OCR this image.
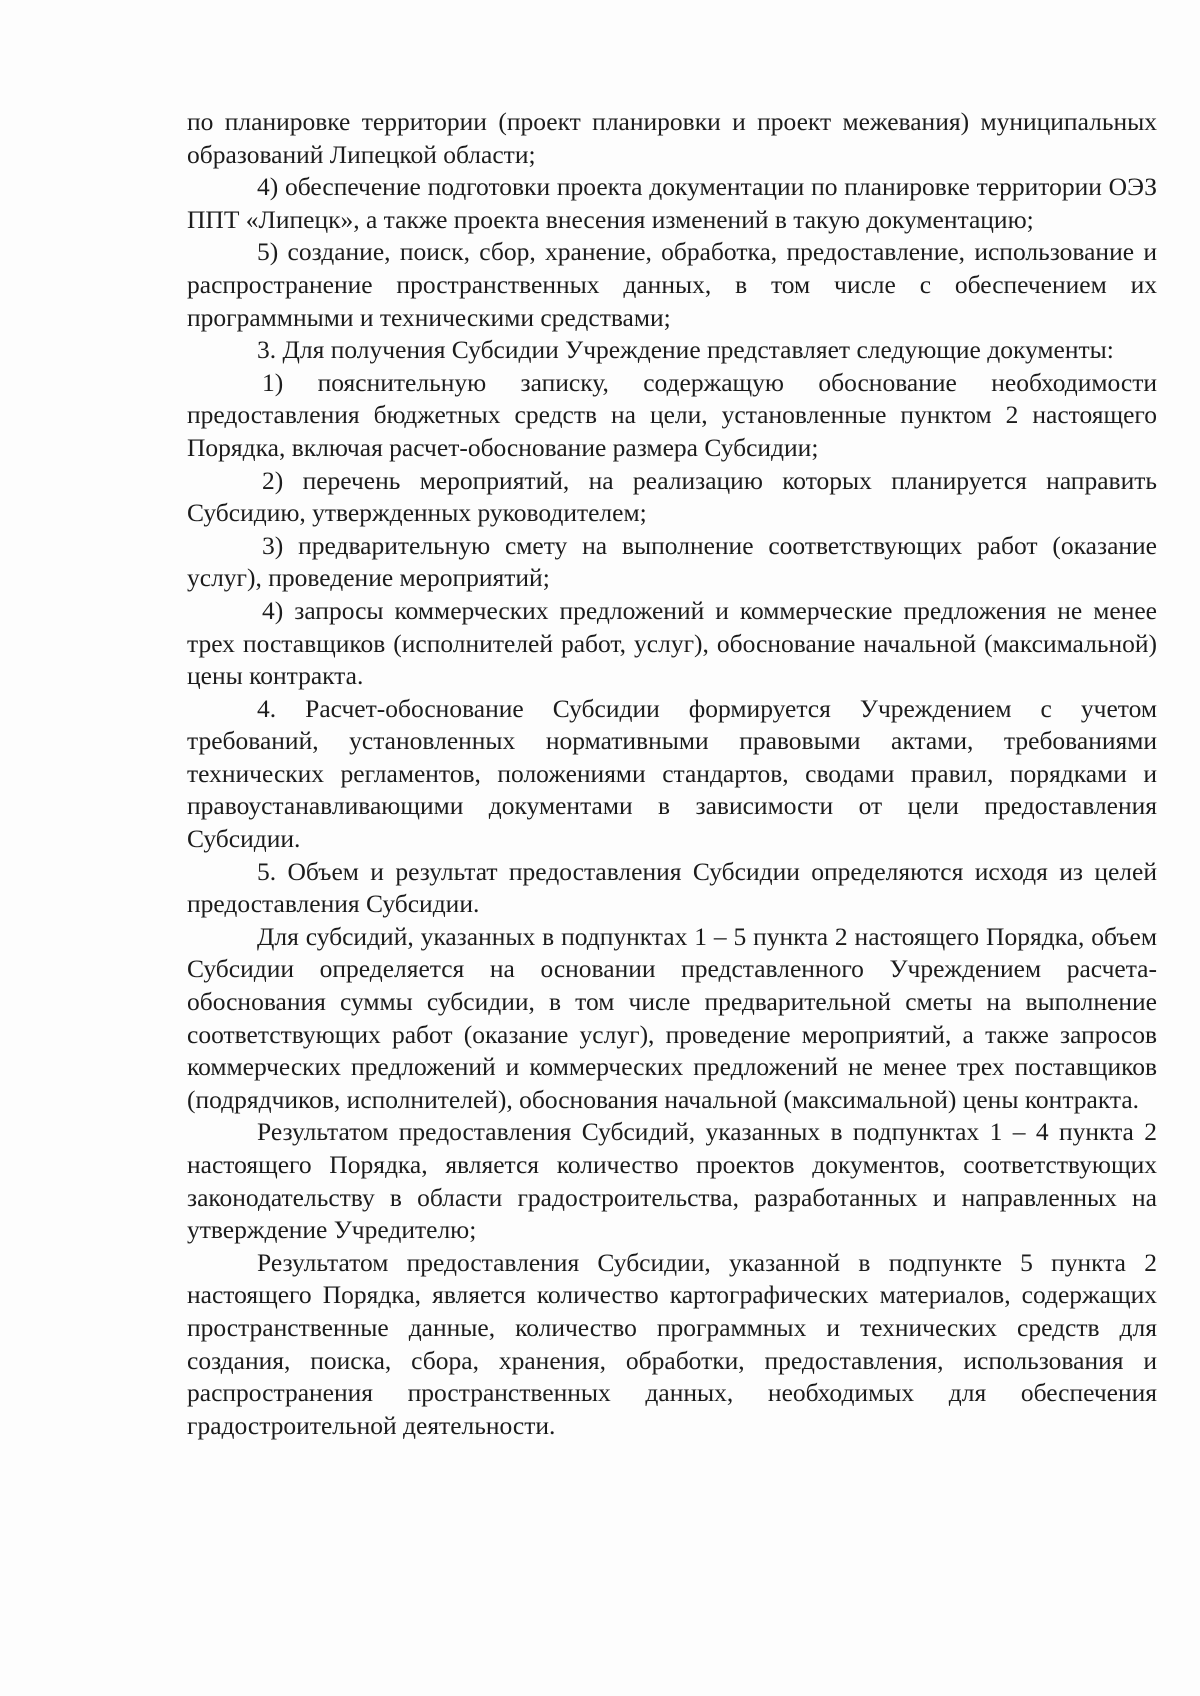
по планировке территории (проект планировки и проект межевания) муниципальных образований Липецкой области;

4) обеспечение подготовки проекта документации по планировке территории ОЭЗ ППТ «Липецк», а также проекта внесения изменений в такую документацию;

5) создание, поиск, сбор, хранение, обработка, предоставление, использование и распространение пространственных данных, в том числе с обеспечением их программными и техническими средствами;

3. Для получения Субсидии Учреждение представляет следующие документы:

1) пояснительную записку, содержащую обоснование необходимости предоставления бюджетных средств на цели, установленные пунктом 2 настоящего Порядка, включая расчет-обоснование размера Субсидии;

2) перечень мероприятий, на реализацию которых планируется направить Субсидию, утвержденных руководителем;

3) предварительную смету на выполнение соответствующих работ (оказание услуг), проведение мероприятий;

4) запросы коммерческих предложений и коммерческие предложения не менее трех поставщиков (исполнителей работ, услуг), обоснование начальной (максимальной) цены контракта.

4. Расчет-обоснование Субсидии формируется Учреждением с учетом требований, установленных нормативными правовыми актами, требованиями технических регламентов, положениями стандартов, сводами правил, порядками и правоустанавливающими документами в зависимости от цели предоставления Субсидии.

5. Объем и результат предоставления Субсидии определяются исходя из целей предоставления Субсидии.

Для субсидий, указанных в подпунктах 1 – 5 пункта 2 настоящего Порядка, объем Субсидии определяется на основании представленного Учреждением расчета-обоснования суммы субсидии, в том числе предварительной сметы на выполнение соответствующих работ (оказание услуг), проведение мероприятий, а также запросов коммерческих предложений и коммерческих предложений не менее трех поставщиков (подрядчиков, исполнителей), обоснования начальной (максимальной) цены контракта.

Результатом предоставления Субсидий, указанных в подпунктах 1 – 4 пункта 2 настоящего Порядка, является количество проектов документов, соответствующих законодательству в области градостроительства, разработанных и направленных на утверждение Учредителю;

Результатом предоставления Субсидии, указанной в подпункте 5 пункта 2 настоящего Порядка, является количество картографических материалов, содержащих пространственные данные, количество программных и технических средств для создания, поиска, сбора, хранения, обработки, предоставления, использования и распространения пространственных данных, необходимых для обеспечения градостроительной деятельности.
